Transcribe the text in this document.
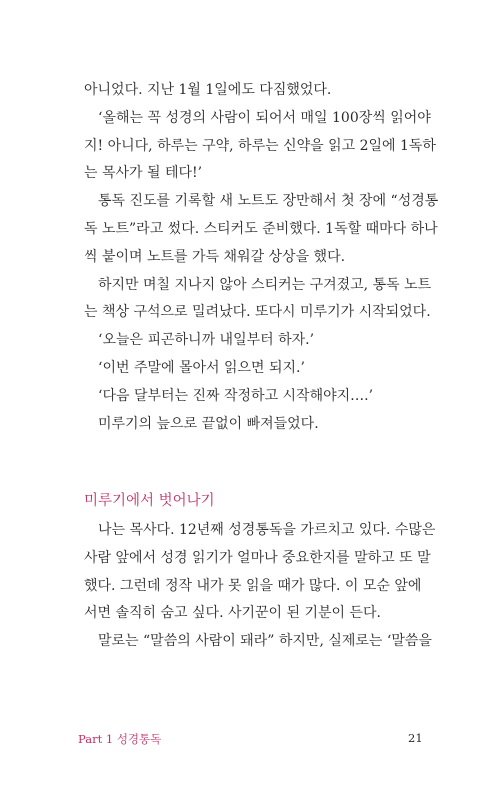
아니었다. 지난 1월 1일에도 다짐했었다.
‘올해는 꼭 성경의 사람이 되어서 매일 100장씩 읽어야
지! 아니다, 하루는 구약, 하루는 신약을 읽고 2일에 1독하
는 목사가 될 테다!’
통독 진도를 기록할 새 노트도 장만해서 첫 장에 “성경통
독 노트”라고 썼다. 스티커도 준비했다. 1독할 때마다 하나
씩 붙이며 노트를 가득 채워갈 상상을 했다.
하지만 며칠 지나지 않아 스티커는 구겨졌고, 통독 노트
는 책상 구석으로 밀려났다. 또다시 미루기가 시작되었다.
‘오늘은 피곤하니까 내일부터 하자.’
‘이번 주말에 몰아서 읽으면 되지.’
‘다음 달부터는 진짜 작정하고 시작해야지….’
미루기의 늪으로 끝없이 빠져들었다.
미루기에서 벗어나기
나는 목사다. 12년째 성경통독을 가르치고 있다. 수많은
사람 앞에서 성경 읽기가 얼마나 중요한지를 말하고 또 말
했다. 그런데 정작 내가 못 읽을 때가 많다. 이 모순 앞에
서면 솔직히 숨고 싶다. 사기꾼이 된 기분이 든다.
말로는 “말씀의 사람이 돼라” 하지만, 실제로는 ‘말씀을
Part 1 성경통독	21
